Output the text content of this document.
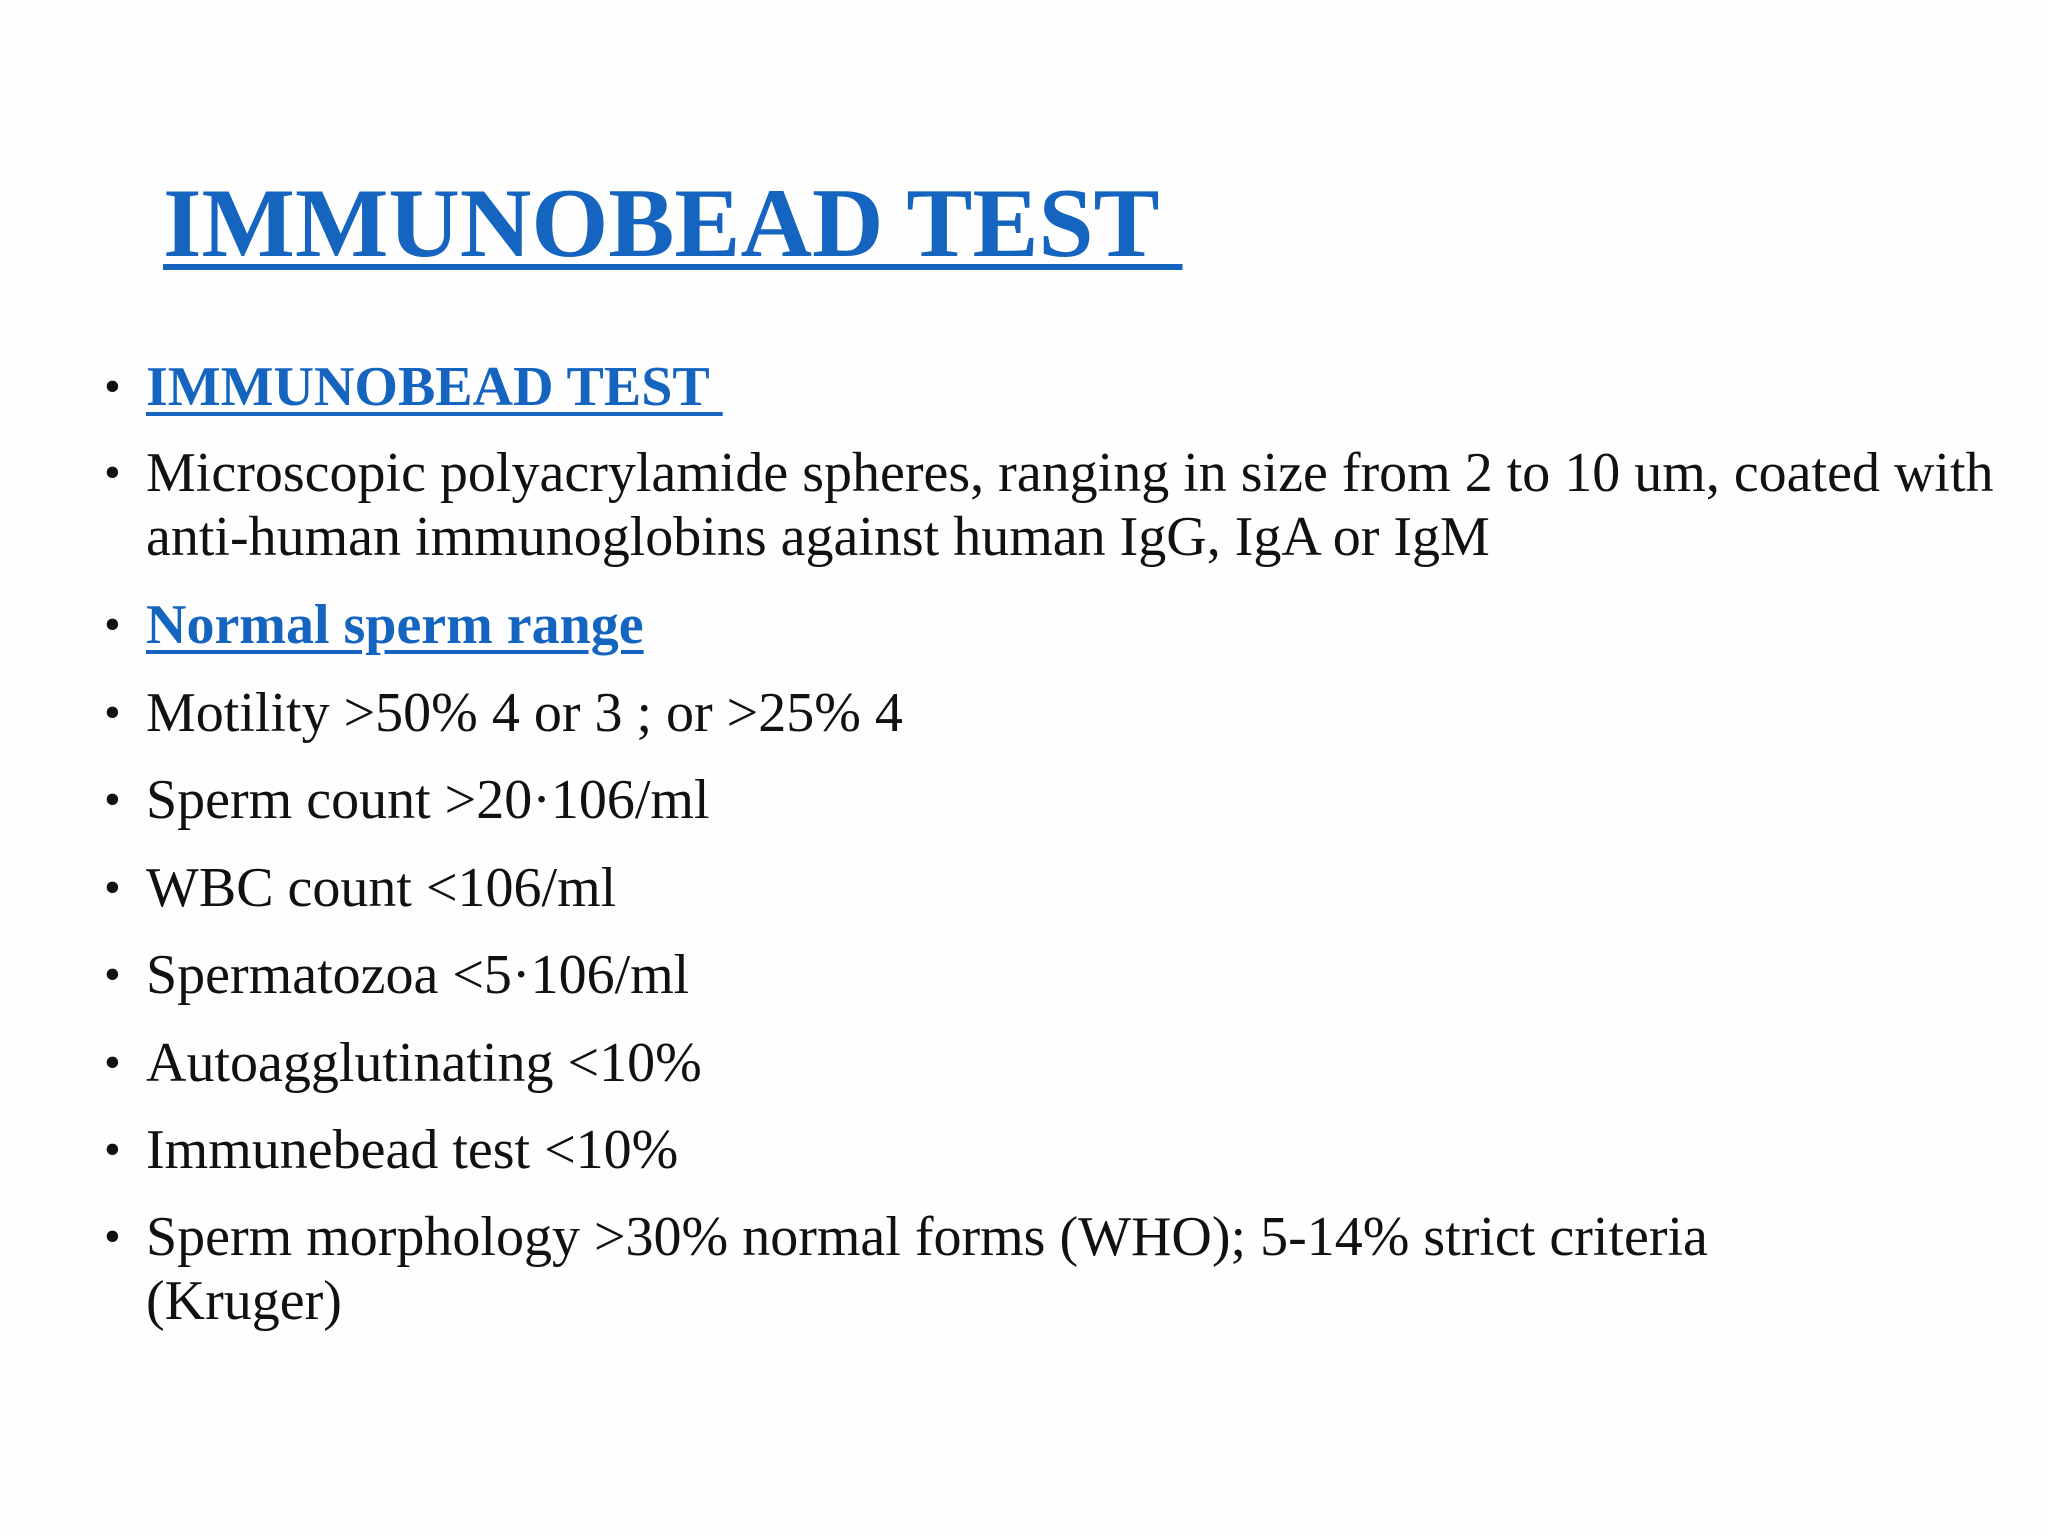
IMMUNOBEAD TEST
• IMMUNOBEAD TEST
• Microscopic polyacrylamide spheres, ranging in size from 2 to 10 um, coated with anti-human immunoglobins against human IgG, IgA or IgM
• Normal sperm range
• Motility >50% 4 or 3 ; or >25% 4
• Sperm count >20·106/ml
• WBC count <106/ml
• Spermatozoa <5·106/ml
• Autoagglutinating <10%
• Immunebead test <10%
• Sperm morphology >30% normal forms (WHO); 5-14% strict criteria (Kruger)
